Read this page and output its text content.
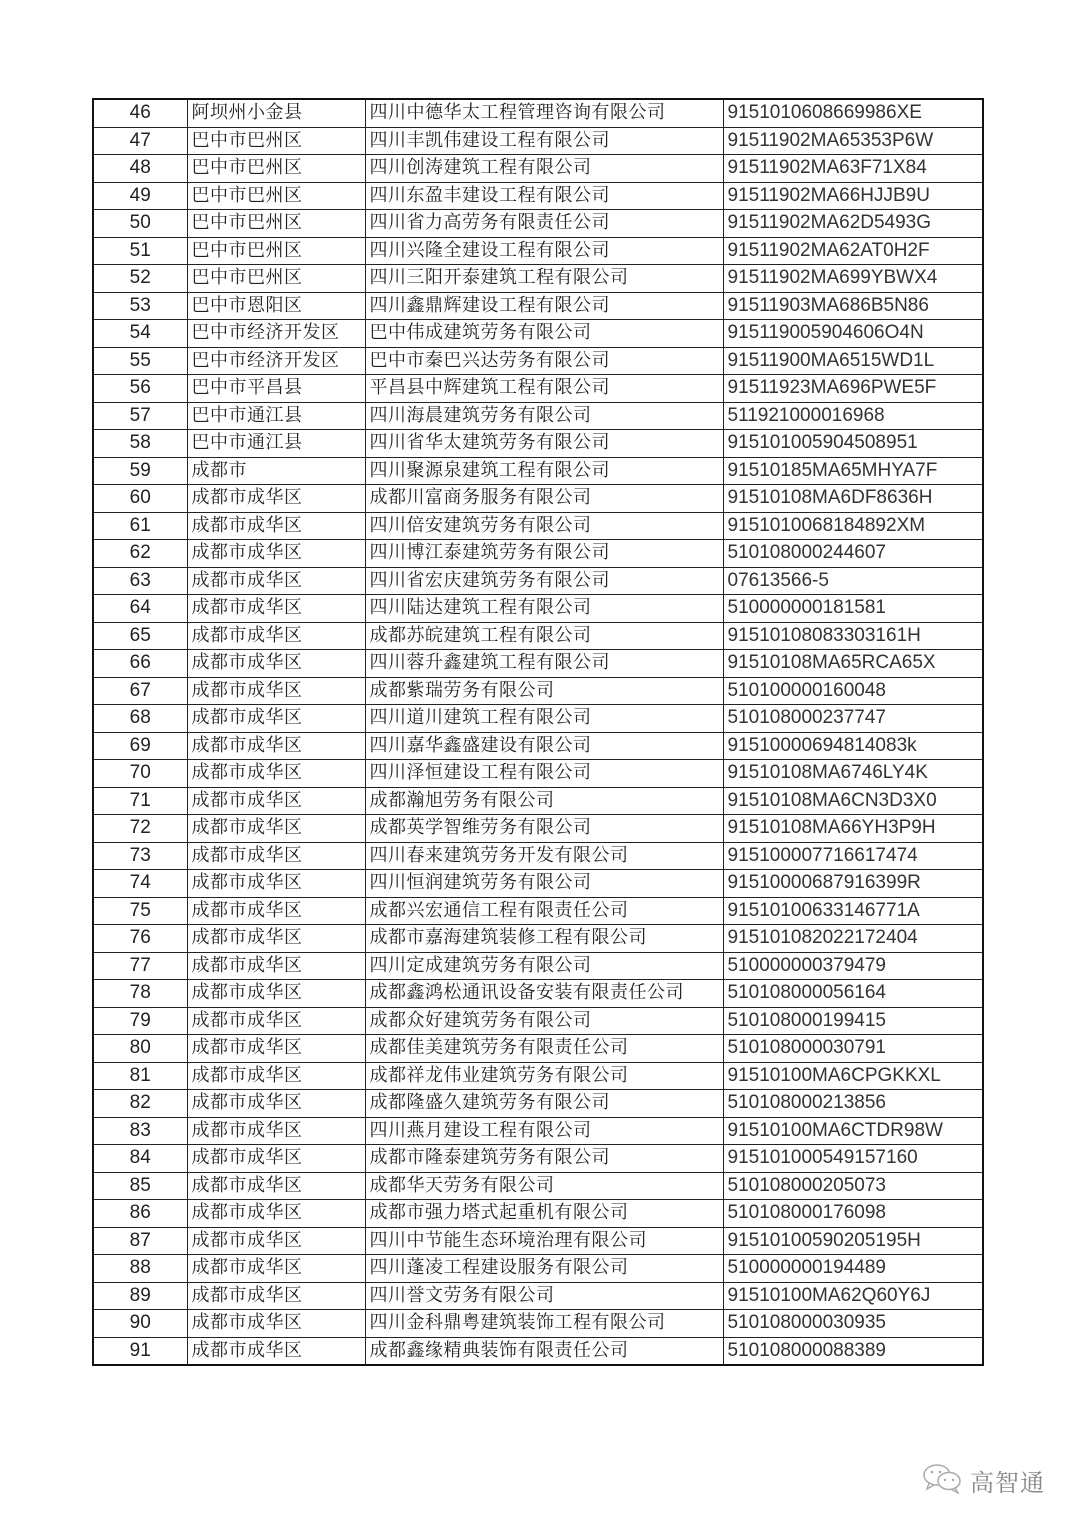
46	阿坝州小金县	四川中德华太工程管理咨询有限公司	9151010608669986XE
47	巴中市巴州区	四川丰凯伟建设工程有限公司	91511902MA65353P6W
48	巴中市巴州区	四川创涛建筑工程有限公司	91511902MA63F71X84
49	巴中市巴州区	四川东盈丰建设工程有限公司	91511902MA66HJJB9U
50	巴中市巴州区	四川省力高劳务有限责任公司	91511902MA62D5493G
51	巴中市巴州区	四川兴隆全建设工程有限公司	91511902MA62AT0H2F
52	巴中市巴州区	四川三阳开泰建筑工程有限公司	91511902MA699YBWX4
53	巴中市恩阳区	四川鑫鼎辉建设工程有限公司	91511903MA686B5N86
54	巴中市经济开发区	巴中伟成建筑劳务有限公司	915119005904606O4N
55	巴中市经济开发区	巴中市秦巴兴达劳务有限公司	91511900MA6515WD1L
56	巴中市平昌县	平昌县中辉建筑工程有限公司	91511923MA696PWE5F
57	巴中市通江县	四川海晨建筑劳务有限公司	511921000016968
58	巴中市通江县	四川省华太建筑劳务有限公司	915101005904508951
59	成都市	四川聚源泉建筑工程有限公司	91510185MA65MHYA7F
60	成都市成华区	成都川富商务服务有限公司	91510108MA6DF8636H
61	成都市成华区	四川倍安建筑劳务有限公司	9151010068184892XM
62	成都市成华区	四川博江泰建筑劳务有限公司	510108000244607
63	成都市成华区	四川省宏庆建筑劳务有限公司	07613566-5
64	成都市成华区	四川陆达建筑工程有限公司	510000000181581
65	成都市成华区	成都苏皖建筑工程有限公司	91510108083303161H
66	成都市成华区	四川蓉升鑫建筑工程有限公司	91510108MA65RCA65X
67	成都市成华区	成都紫瑞劳务有限公司	510100000160048
68	成都市成华区	四川道川建筑工程有限公司	510108000237747
69	成都市成华区	四川嘉华鑫盛建设有限公司	91510000694814083k
70	成都市成华区	四川泽恒建设工程有限公司	91510108MA6746LY4K
71	成都市成华区	成都瀚旭劳务有限公司	91510108MA6CN3D3X0
72	成都市成华区	成都英学智维劳务有限公司	91510108MA66YH3P9H
73	成都市成华区	四川春来建筑劳务开发有限公司	915100007716617474
74	成都市成华区	四川恒润建筑劳务有限公司	91510000687916399R
75	成都市成华区	成都兴宏通信工程有限责任公司	91510100633146771A
76	成都市成华区	成都市嘉海建筑装修工程有限公司	915101082022172404
77	成都市成华区	四川定成建筑劳务有限公司	510000000379479
78	成都市成华区	成都鑫鸿松通讯设备安装有限责任公司	510108000056164
79	成都市成华区	成都众好建筑劳务有限公司	510108000199415
80	成都市成华区	成都佳美建筑劳务有限责任公司	510108000030791
81	成都市成华区	成都祥龙伟业建筑劳务有限公司	91510100MA6CPGKKXL
82	成都市成华区	成都隆盛久建筑劳务有限公司	510108000213856
83	成都市成华区	四川燕月建设工程有限公司	91510100MA6CTDR98W
84	成都市成华区	成都市隆泰建筑劳务有限公司	915101000549157160
85	成都市成华区	成都华天劳务有限公司	510108000205073
86	成都市成华区	成都市强力塔式起重机有限公司	510108000176098
87	成都市成华区	四川中节能生态环境治理有限公司	91510100590205195H
88	成都市成华区	四川蓬凌工程建设服务有限公司	510000000194489
89	成都市成华区	四川誉文劳务有限公司	91510100MA62Q60Y6J
90	成都市成华区	四川金科鼎粤建筑装饰工程有限公司	510108000030935
91	成都市成华区	成都鑫缘精典装饰有限责任公司	510108000088389
高智通
